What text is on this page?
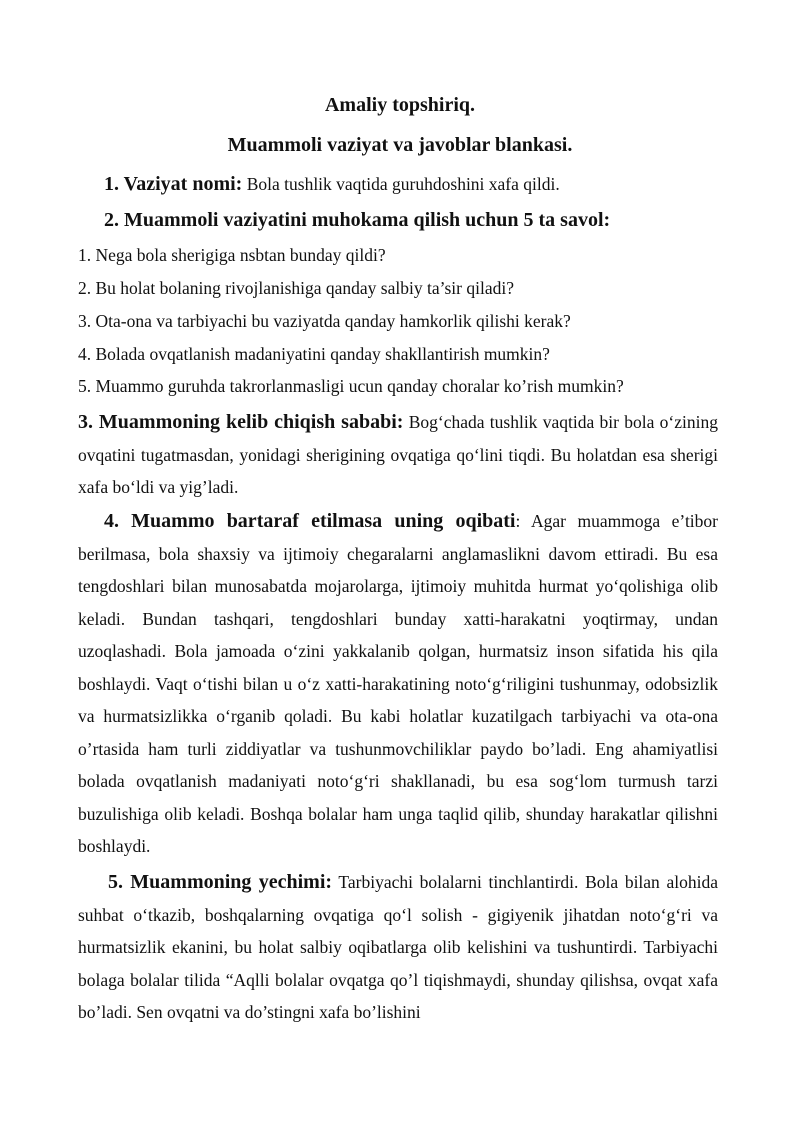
Amaliy topshiriq.

Muammoli vaziyat va javoblar blankasi.

1. Vaziyat nomi: Bola tushlik vaqtida guruhdoshini xafa qildi.

2. Muammoli vaziyatini muhokama qilish uchun 5 ta savol:

1. Nega bola sherigiga nsbtan bunday qildi?

2. Bu holat bolaning rivojlanishiga qanday salbiy ta’sir qiladi?

3. Ota-ona va tarbiyachi bu vaziyatda qanday hamkorlik qilishi kerak?

4. Bolada ovqatlanish madaniyatini qanday shakllantirish mumkin?

5. Muammo guruhda takrorlanmasligi ucun qanday choralar ko’rish mumkin?

3. Muammoning kelib chiqish sababi: Bog‘chada tushlik vaqtida bir bola o‘zining ovqatini tugatmasdan, yonidagi sherigining ovqatiga qo‘lini tiqdi. Bu holatdan esa sherigi xafa bo‘ldi va yig’ladi.

4. Muammo bartaraf etilmasa uning oqibati: Agar muammoga e’tibor berilmasa, bola shaxsiy va ijtimoiy chegaralarni anglamaslikni davom ettiradi. Bu esa tengdoshlari bilan munosabatda mojarolarga, ijtimoiy muhitda hurmat yo‘qolishiga olib keladi. Bundan tashqari, tengdoshlari bunday xatti-harakatni yoqtirmay, undan uzoqlashadi. Bola jamoada o‘zini yakkalanib qolgan, hurmatsiz inson sifatida his qila boshlaydi. Vaqt o‘tishi bilan u o‘z xatti-harakatining noto‘g‘riligini tushunmay, odobsizlik va hurmatsizlikka o‘rganib qoladi. Bu kabi holatlar kuzatilgach tarbiyachi va ota-ona o’rtasida ham turli ziddiyatlar va tushunmovchiliklar paydo bo’ladi. Eng ahamiyatlisi bolada ovqatlanish madaniyati noto‘g‘ri shakllanadi, bu esa sog‘lom turmush tarzi buzulishiga olib keladi. Boshqa bolalar ham unga taqlid qilib, shunday harakatlar qilishni boshlaydi.

5. Muammoning yechimi: Tarbiyachi bolalarni tinchlantirdi. Bola bilan alohida suhbat o‘tkazib, boshqalarning ovqatiga qo‘l solish - gigiyenik jihatdan noto‘g‘ri va hurmatsizlik ekanini, bu holat salbiy oqibatlarga olib kelishini va tushuntirdi. Tarbiyachi bolaga bolalar tilida “Aqlli bolalar ovqatga qo’l tiqishmaydi, shunday qilishsa, ovqat xafa bo’ladi. Sen ovqatni va do’stingni xafa bo’lishini
